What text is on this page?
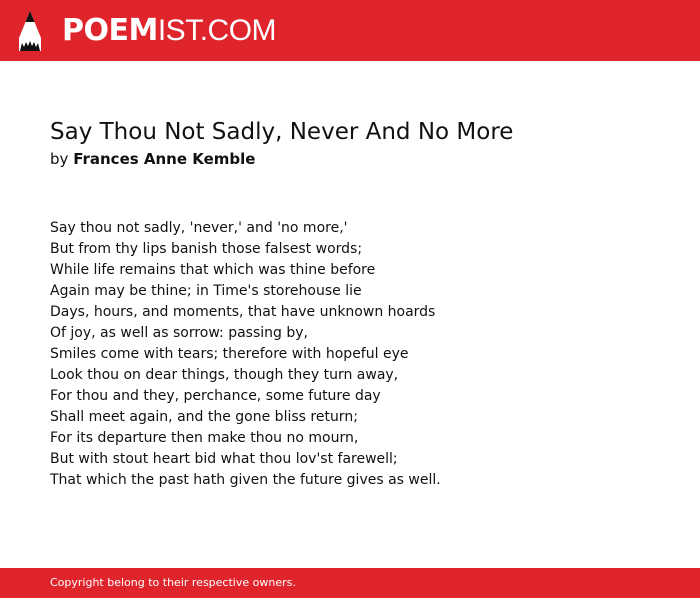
POEMIST.COM
Say Thou Not Sadly, Never And No More
by Frances Anne Kemble
Say thou not sadly, 'never,' and 'no more,'
But from thy lips banish those falsest words;
While life remains that which was thine before
Again may be thine; in Time's storehouse lie
Days, hours, and moments, that have unknown hoards
Of joy, as well as sorrow: passing by,
Smiles come with tears; therefore with hopeful eye
Look thou on dear things, though they turn away,
For thou and they, perchance, some future day
Shall meet again, and the gone bliss return;
For its departure then make thou no mourn,
But with stout heart bid what thou lov'st farewell;
That which the past hath given the future gives as well.
Copyright belong to their respective owners.
